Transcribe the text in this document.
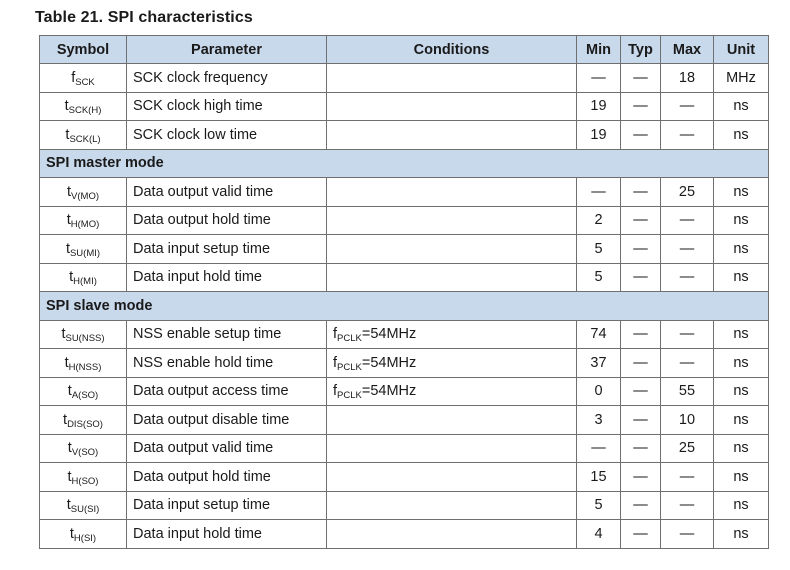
Table 21. SPI characteristics
Symbol	Parameter	Conditions	Min	Typ	Max	Unit
$f_{SCK}$	SCK clock frequency		—	—	18	MHz
$t_{SCK(H)}$	SCK clock high time		19	—	—	ns
$t_{SCK(L)}$	SCK clock low time		19	—	—	ns
SPI master mode						
$t_{V(MO)}$	Data output valid time		—	—	25	ns
$t_{H(MO)}$	Data output hold time		2	—	—	ns
$t_{SU(MI)}$	Data input setup time		5	—	—	ns
$t_{H(MI)}$	Data input hold time		5	—	—	ns
SPI slave mode						
$t_{SU(NSS)}$	NSS enable setup time	$f_{PCLK}=54MHz$	74	—	—	ns
$t_{H(NSS)}$	NSS enable hold time	$f_{PCLK}=54MHz$	37	—	—	ns
$t_{A(SO)}$	Data output access time	$f_{PCLK}=54MHz$	0	—	55	ns
$t_{DIS(SO)}$	Data output disable time		3	—	10	ns
$t_{V(SO)}$	Data output valid time		—	—	25	ns
$t_{H(SO)}$	Data output hold time		15	—	—	ns
$t_{SU(SI)}$	Data input setup time		5	—	—	ns
$t_{H(SI)}$	Data input hold time		4	—	—	ns
